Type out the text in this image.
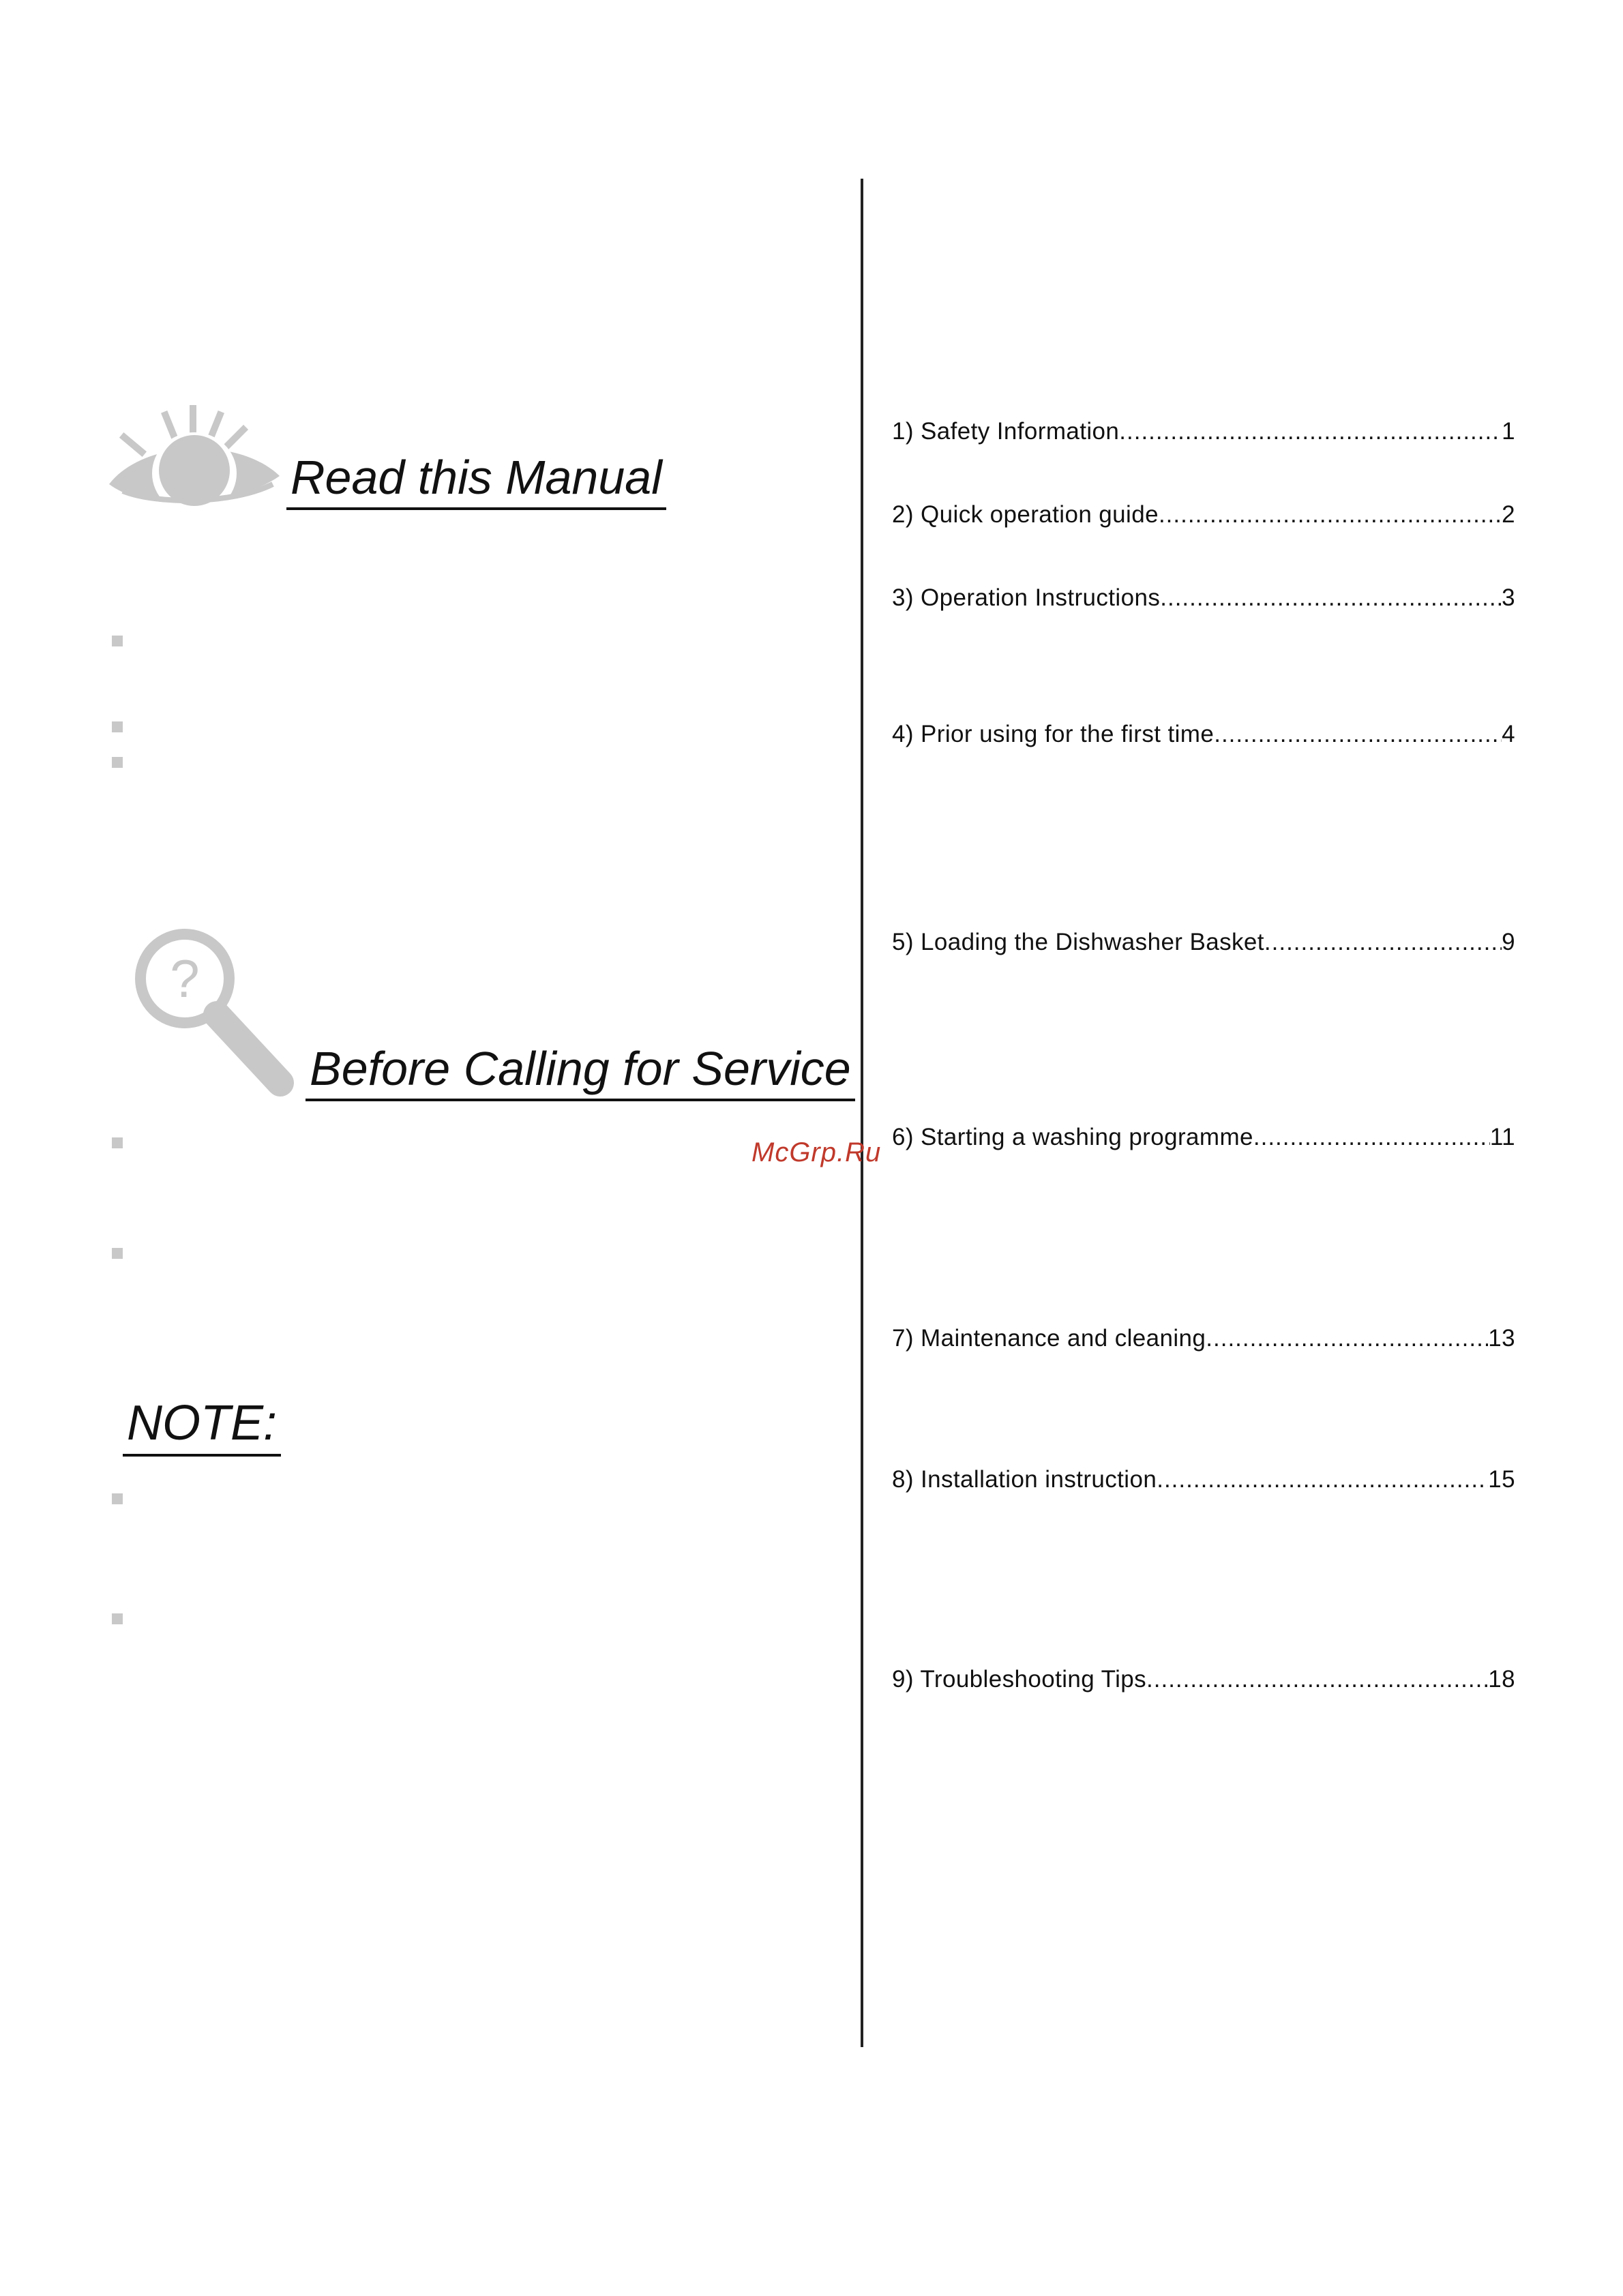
Read this Manual
?
Before Calling for Service
NOTE:
1) Safety Information .....	1
2) Quick operation guide .....	2
3) Operation Instructions .....	3
4) Prior using for the first time .....	4
5) Loading the Dishwasher Basket .....	9
6) Starting a washing programme .....	11
7) Maintenance and cleaning .....	13
8) Installation instruction .....	15
9) Troubleshooting Tips .....	18
McGrp.Ru
